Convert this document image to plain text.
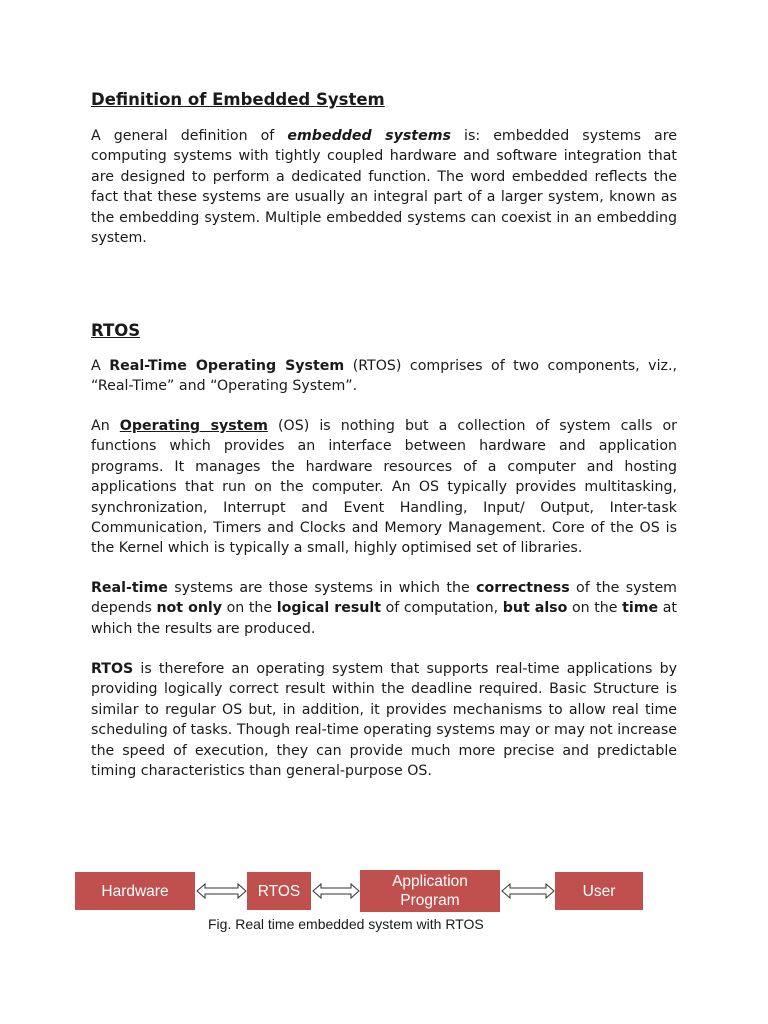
Definition of Embedded System

A general definition of embedded systems is: embedded systems are computing systems with tightly coupled hardware and software integration that are designed to perform a dedicated function. The word embedded reflects the fact that these systems are usually an integral part of a larger system, known as the embedding system. Multiple embedded systems can coexist in an embedding system.

RTOS

A Real-Time Operating System (RTOS) comprises of two components, viz., “Real-Time” and “Operating System”.

An Operating system (OS) is nothing but a collection of system calls or functions which provides an interface between hardware and application programs. It manages the hardware resources of a computer and hosting applications that run on the computer. An OS typically provides multitasking, synchronization, Interrupt and Event Handling, Input/ Output, Inter-task Communication, Timers and Clocks and Memory Management. Core of the OS is the Kernel which is typically a small, highly optimised set of libraries.

Real-time systems are those systems in which the correctness of the system depends not only on the logical result of computation, but also on the time at which the results are produced.

RTOS is therefore an operating system that supports real-time applications by providing logically correct result within the deadline required. Basic Structure is similar to regular OS but, in addition, it provides mechanisms to allow real time scheduling of tasks. Though real-time operating systems may or may not increase the speed of execution, they can provide much more precise and predictable timing characteristics than general-purpose OS.

Hardware	RTOS
Application Program
User
Fig. Real time embedded system with RTOS
